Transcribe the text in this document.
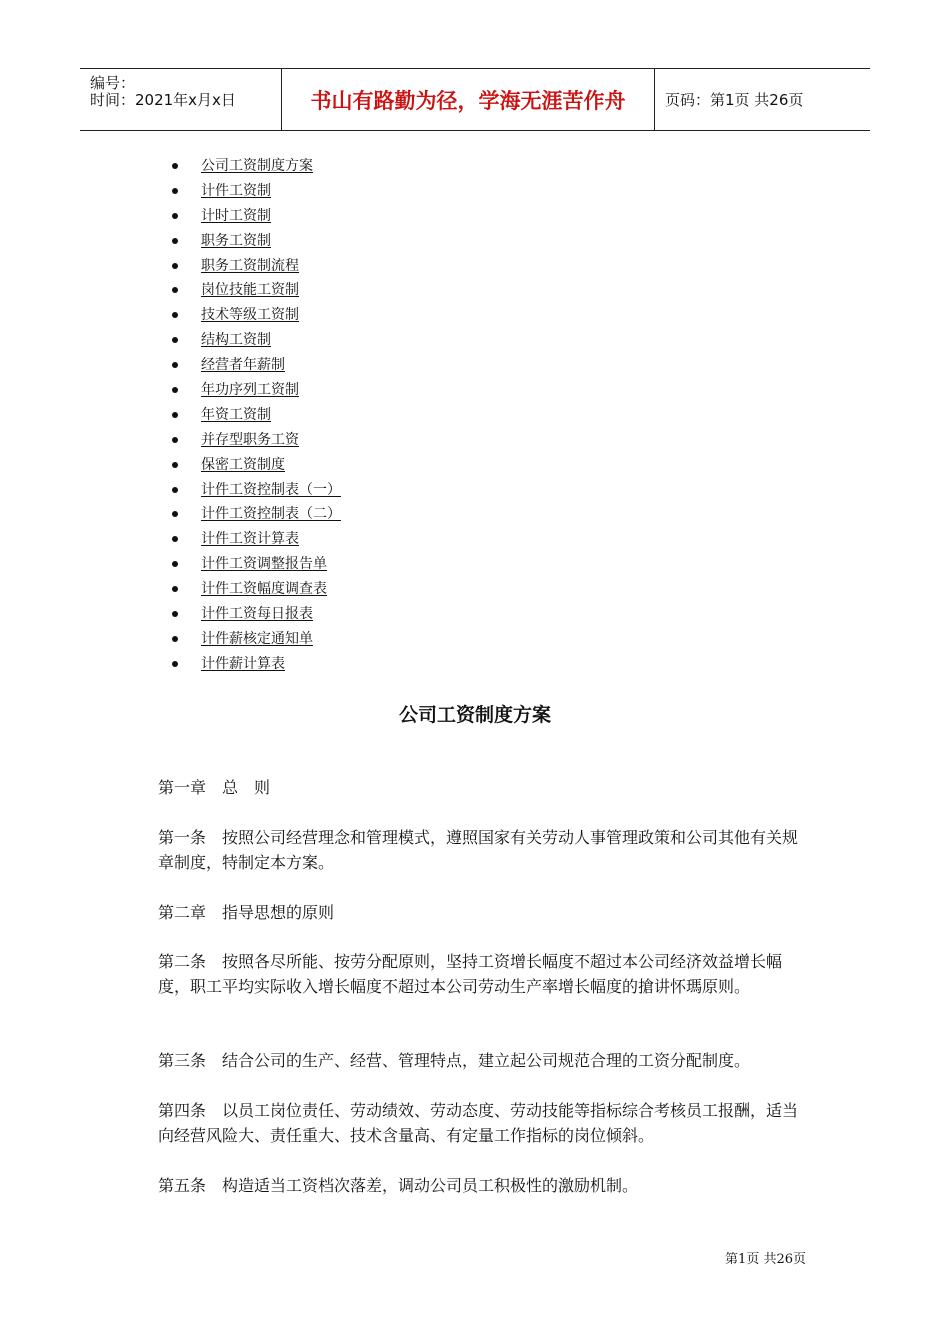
编号：
时间：2021年x月x日	书山有路勤为径，学海无涯苦作舟	页码：第1页 共26页
公司工资制度方案
计件工资制
计时工资制
职务工资制
职务工资制流程
岗位技能工资制
技术等级工资制
结构工资制
经营者年薪制
年功序列工资制
年资工资制
并存型职务工资
保密工资制度
计件工资控制表（一）
计件工资控制表（二）
计件工资计算表
计件工资调整报告单
计件工资幅度调查表
计件工资每日报表
计件薪核定通知单
计件薪计算表
公司工资制度方案

第一章　总　则

第一条　按照公司经营理念和管理模式，遵照国家有关劳动人事管理政策和公司其他有关规章制度，特制定本方案。

第二章　指导思想的原则

第二条　按照各尽所能、按劳分配原则，坚持工资增长幅度不超过本公司经济效益增长幅度，职工平均实际收入增长幅度不超过本公司劳动生产率增长幅度的搶讲怀瑪原则。

第三条　结合公司的生产、经营、管理特点，建立起公司规范合理的工资分配制度。

第四条　以员工岗位责任、劳动绩效、劳动态度、劳动技能等指标综合考核员工报酬，适当向经营风险大、责任重大、技术含量高、有定量工作指标的岗位倾斜。

第五条　构造适当工资档次落差，调动公司员工积极性的激励机制。

第1页 共26页
